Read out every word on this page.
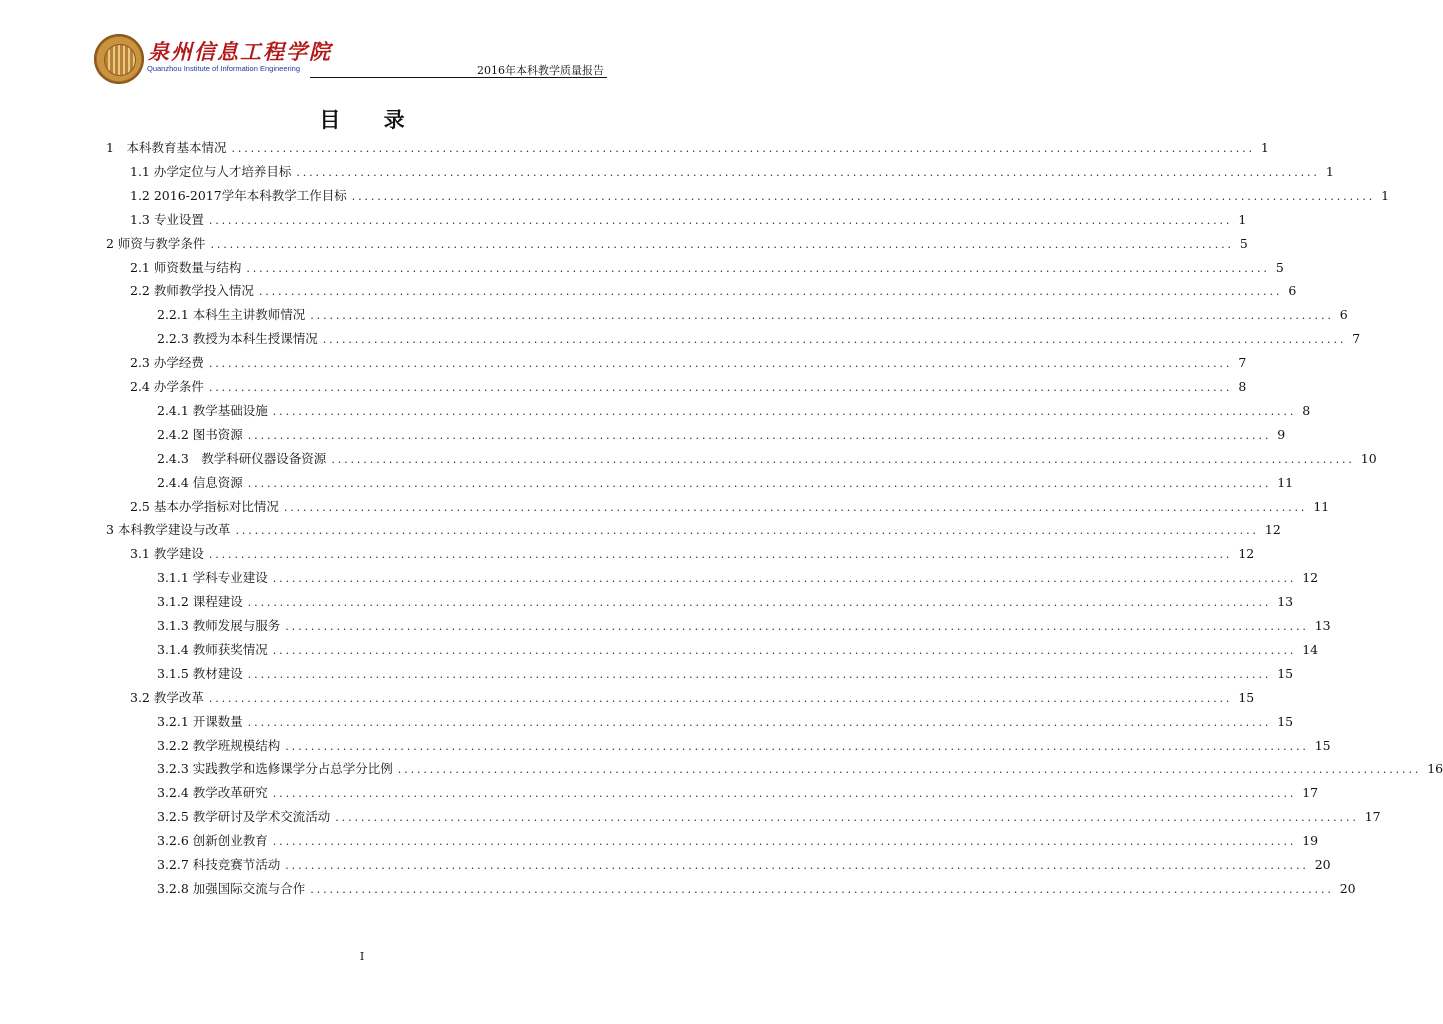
泉州信息工程学院
Quanzhou Institute of Information Engineering	2016年本科教学质量报告
目 录
1　本科教育基本情况 ................................................................................................................................................................ 1
1.1 办学定位与人才培养目标 ................................................................................................................................................................ 1
1.2 2016-2017学年本科教学工作目标 ................................................................................................................................................................ 1
1.3 专业设置 ................................................................................................................................................................ 1
2 师资与教学条件 ................................................................................................................................................................ 5
2.1 师资数量与结构 ................................................................................................................................................................ 5
2.2 教师教学投入情况 ................................................................................................................................................................ 6
2.2.1 本科生主讲教师情况 ................................................................................................................................................................ 6
2.2.3 教授为本科生授课情况 ................................................................................................................................................................ 7
2.3 办学经费 ................................................................................................................................................................ 7
2.4 办学条件 ................................................................................................................................................................ 8
2.4.1 教学基础设施 ................................................................................................................................................................ 8
2.4.2 图书资源 ................................................................................................................................................................ 9
2.4.3　教学科研仪器设备资源 ................................................................................................................................................................ 10
2.4.4 信息资源 ................................................................................................................................................................ 11
2.5 基本办学指标对比情况 ................................................................................................................................................................ 11
3 本科教学建设与改革 ................................................................................................................................................................ 12
3.1 教学建设 ................................................................................................................................................................ 12
3.1.1 学科专业建设 ................................................................................................................................................................ 12
3.1.2 课程建设 ................................................................................................................................................................ 13
3.1.3 教师发展与服务 ................................................................................................................................................................ 13
3.1.4 教师获奖情况 ................................................................................................................................................................ 14
3.1.5 教材建设 ................................................................................................................................................................ 15
3.2 教学改革 ................................................................................................................................................................ 15
3.2.1 开课数量 ................................................................................................................................................................ 15
3.2.2 教学班规模结构 ................................................................................................................................................................ 15
3.2.3 实践教学和选修课学分占总学分比例 ................................................................................................................................................................ 16
3.2.4 教学改革研究 ................................................................................................................................................................ 17
3.2.5 教学研讨及学术交流活动 ................................................................................................................................................................ 17
3.2.6 创新创业教育 ................................................................................................................................................................ 19
3.2.7 科技竞赛节活动 ................................................................................................................................................................ 20
3.2.8 加强国际交流与合作 ................................................................................................................................................................ 20
I
